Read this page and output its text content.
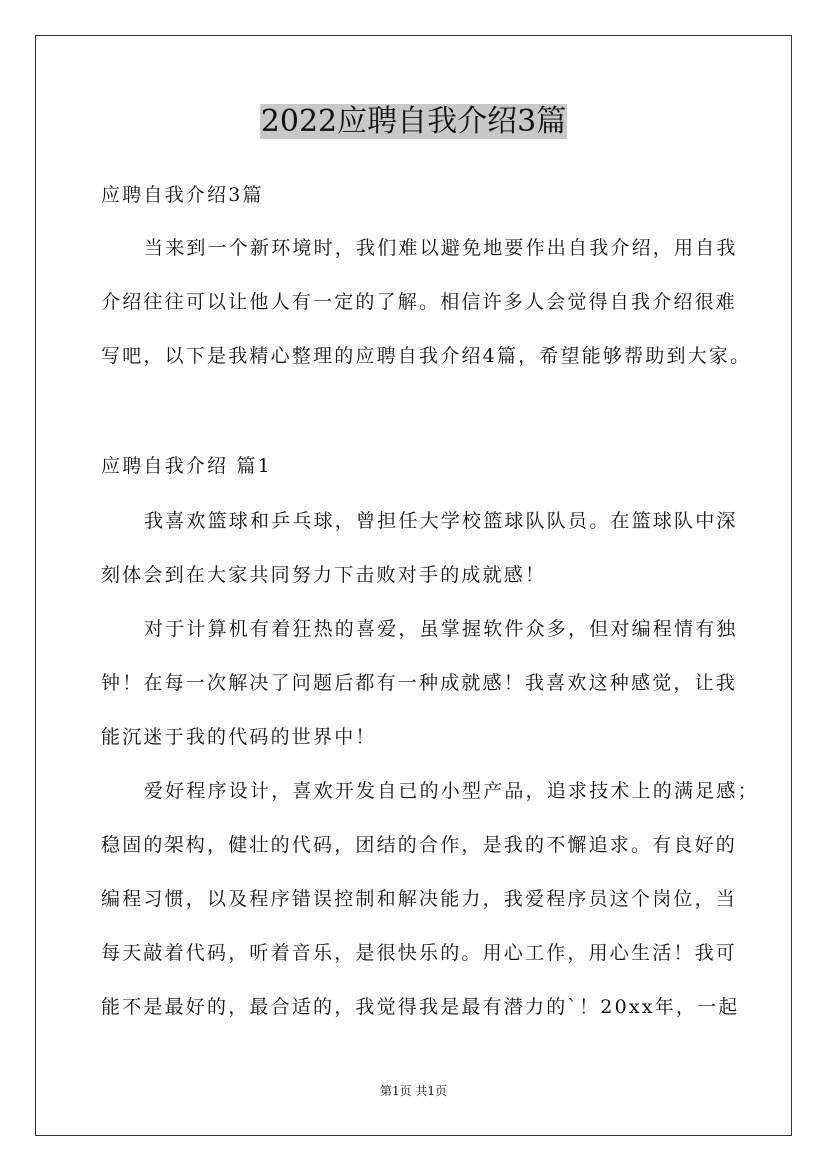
2022应聘自我介绍3篇
应聘自我介绍3篇
当来到一个新环境时，我们难以避免地要作出自我介绍，用自我
介绍往往可以让他人有一定的了解。相信许多人会觉得自我介绍很难
写吧，以下是我精心整理的应聘自我介绍4篇，希望能够帮助到大家。
应聘自我介绍 篇1
我喜欢篮球和乒乓球，曾担任大学校篮球队队员。在篮球队中深
刻体会到在大家共同努力下击败对手的成就感！
对于计算机有着狂热的喜爱，虽掌握软件众多，但对编程情有独
钟！在每一次解决了问题后都有一种成就感！我喜欢这种感觉，让我
能沉迷于我的代码的世界中！
爱好程序设计，喜欢开发自已的小型产品，追求技术上的满足感；
稳固的架构，健壮的代码，团结的合作，是我的不懈追求。有良好的
编程习惯，以及程序错误控制和解决能力，我爱程序员这个岗位，当
每天敲着代码，听着音乐，是很快乐的。用心工作，用心生活！我可
能不是最好的，最合适的，我觉得我是最有潜力的`！20xx年，一起
第1页 共1页
